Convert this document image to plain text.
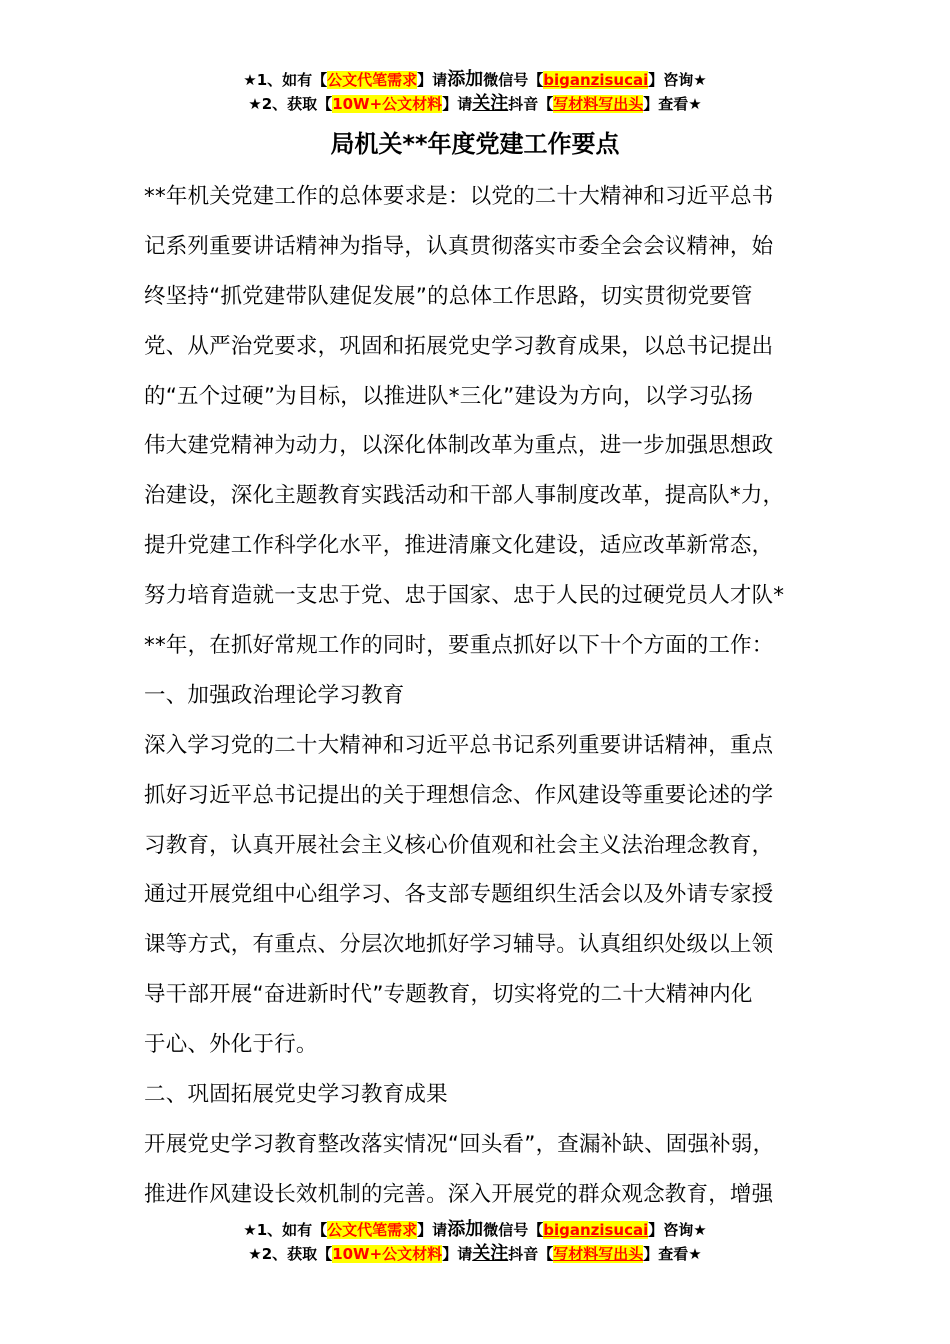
★1、如有【公文代笔需求】请添加微信号【biganzisucai】咨询★
★2、获取【10W+公文材料】请关注抖音【写材料写出头】查看★
局机关**年度党建工作要点
**年机关党建工作的总体要求是：以党的二十大精神和习近平总书
记系列重要讲话精神为指导，认真贯彻落实市委全会会议精神，始
终坚持“抓党建带队建促发展”的总体工作思路，切实贯彻党要管
党、从严治党要求，巩固和拓展党史学习教育成果，以总书记提出
的“五个过硬”为目标，以推进队*三化”建设为方向，以学习弘扬
伟大建党精神为动力，以深化体制改革为重点，进一步加强思想政
治建设，深化主题教育实践活动和干部人事制度改革，提高队*力，
提升党建工作科学化水平，推进清廉文化建设，适应改革新常态，
努力培育造就一支忠于党、忠于国家、忠于人民的过硬党员人才队*
**年，在抓好常规工作的同时，要重点抓好以下十个方面的工作：
一、加强政治理论学习教育
深入学习党的二十大精神和习近平总书记系列重要讲话精神，重点
抓好习近平总书记提出的关于理想信念、作风建设等重要论述的学
习教育，认真开展社会主义核心价值观和社会主义法治理念教育，
通过开展党组中心组学习、各支部专题组织生活会以及外请专家授
课等方式，有重点、分层次地抓好学习辅导。认真组织处级以上领
导干部开展“奋进新时代”专题教育，切实将党的二十大精神内化
于心、外化于行。
二、巩固拓展党史学习教育成果
开展党史学习教育整改落实情况“回头看”，查漏补缺、固强补弱，
推进作风建设长效机制的完善。深入开展党的群众观念教育，增强
★1、如有【公文代笔需求】请添加微信号【biganzisucai】咨询★
★2、获取【10W+公文材料】请关注抖音【写材料写出头】查看★
